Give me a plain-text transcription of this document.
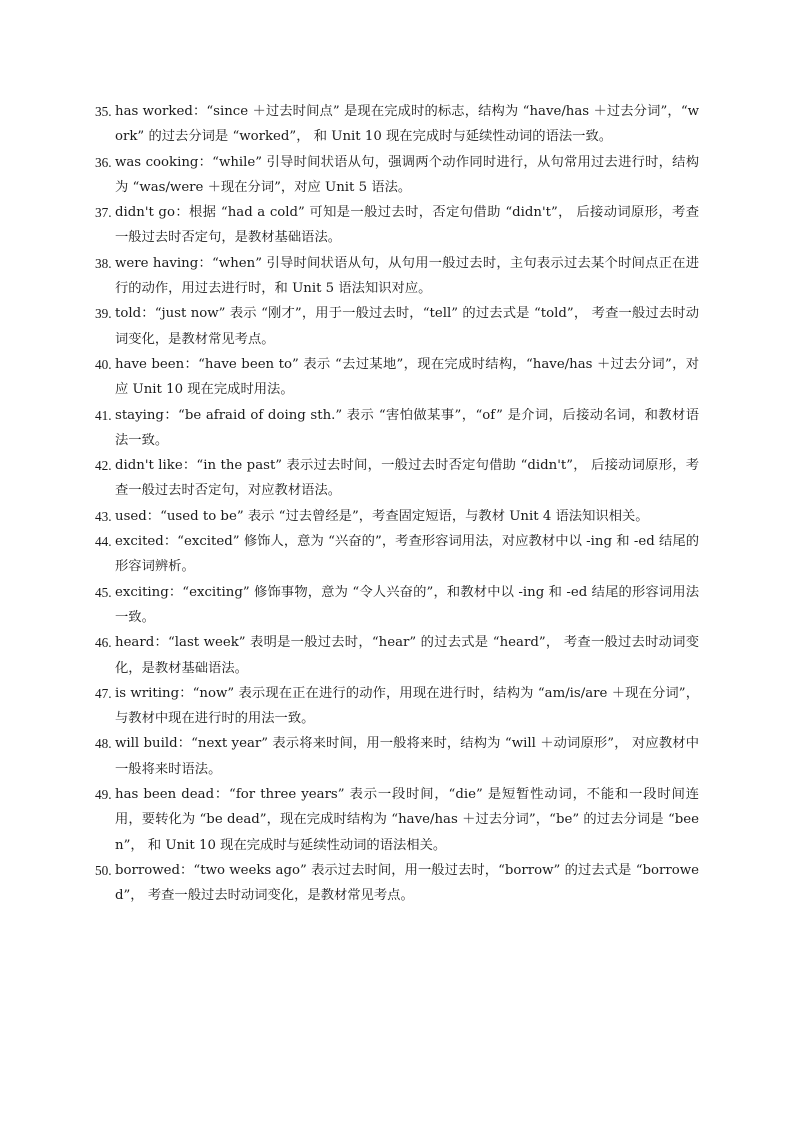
35. has worked：“since ＋过去时间点” 是现在完成时的标志，结构为 “have/has ＋过去分词”，“work” 的过去分词是 “worked”， 和 Unit 10 现在完成时与延续性动词的语法一致。
36. was cooking：“while” 引导时间状语从句，强调两个动作同时进行，从句常用过去进行时，结构为 “was/were ＋现在分词”，对应 Unit 5 语法。
37. didn't go：根据 “had a cold” 可知是一般过去时，否定句借助 “didn't”， 后接动词原形，考查一般过去时否定句，是教材基础语法。
38. were having：“when” 引导时间状语从句，从句用一般过去时，主句表示过去某个时间点正在进行的动作，用过去进行时，和 Unit 5 语法知识对应。
39. told：“just now” 表示 “刚才”，用于一般过去时，“tell” 的过去式是 “told”， 考查一般过去时动词变化，是教材常见考点。
40. have been：“have been to” 表示 “去过某地”，现在完成时结构，“have/has ＋过去分词”，对应 Unit 10 现在完成时用法。
41. staying：“be afraid of doing sth.” 表示 “害怕做某事”，“of” 是介词，后接动名词，和教材语法一致。
42. didn't like：“in the past” 表示过去时间，一般过去时否定句借助 “didn't”， 后接动词原形，考查一般过去时否定句，对应教材语法。
43. used：“used to be” 表示 “过去曾经是”，考查固定短语，与教材 Unit 4 语法知识相关。
44. excited：“excited” 修饰人，意为 “兴奋的”，考查形容词用法，对应教材中以 -ing 和 -ed 结尾的形容词辨析。
45. exciting：“exciting” 修饰事物，意为 “令人兴奋的”，和教材中以 -ing 和 -ed 结尾的形容词用法一致。
46. heard：“last week” 表明是一般过去时，“hear” 的过去式是 “heard”， 考查一般过去时动词变化，是教材基础语法。
47. is writing：“now” 表示现在正在进行的动作，用现在进行时，结构为 “am/is/are ＋现在分词”，与教材中现在进行时的用法一致。
48. will build：“next year” 表示将来时间，用一般将来时，结构为 “will ＋动词原形”， 对应教材中一般将来时语法。
49. has been dead：“for three years” 表示一段时间，“die” 是短暂性动词，不能和一段时间连用，要转化为 “be dead”，现在完成时结构为 “have/has ＋过去分词”，“be” 的过去分词是 “been”， 和 Unit 10 现在完成时与延续性动词的语法相关。
50. borrowed：“two weeks ago” 表示过去时间，用一般过去时，“borrow” 的过去式是 “borrowed”， 考查一般过去时动词变化，是教材常见考点。
